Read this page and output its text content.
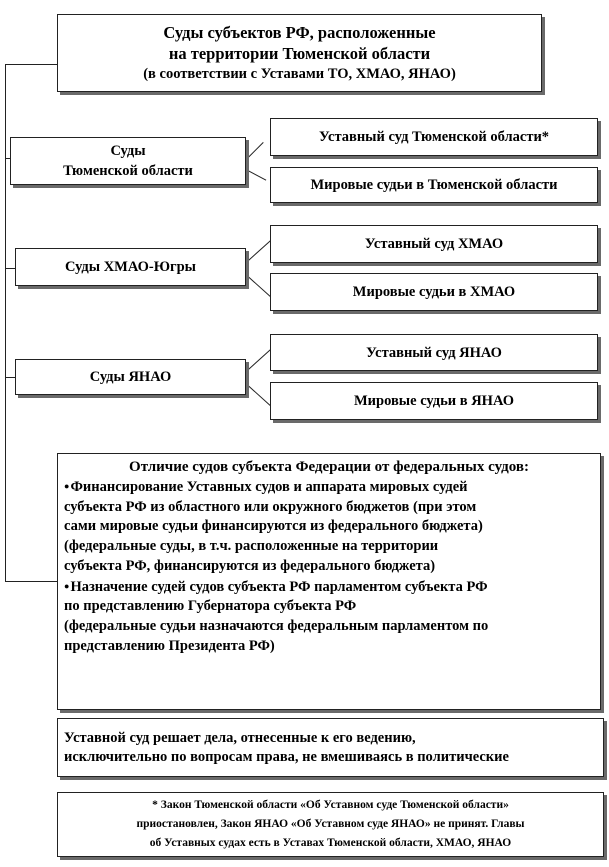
Суды субъектов РФ, расположенные
на территории Тюменской области
(в соответствии с Уставами ТО, ХМАО, ЯНАО)
Суды
Тюменской области
Уставный суд Тюменской области*
Мировые судьи в Тюменской области
Суды ХМАО-Югры
Уставный суд ХМАО
Мировые судьи в ХМАО
Суды ЯНАО
Уставный суд ЯНАО
Мировые судьи в ЯНАО
Отличие судов субъекта Федерации от федеральных судов:
●Финансирование Уставных судов и аппарата мировых судей
субъекта РФ из областного или окружного бюджетов (при этом
сами мировые судьи финансируются из федерального бюджета)
(федеральные суды, в т.ч. расположенные на территории
субъекта РФ, финансируются из федерального бюджета)
●Назначение судей судов субъекта РФ парламентом субъекта РФ
по представлению Губернатора субъекта РФ
(федеральные судьи назначаются федеральным парламентом по
представлению Президента РФ)
Уставной суд решает дела, отнесенные к его ведению,
исключительно по вопросам права, не вмешиваясь в политические
* Закон Тюменской области «Об Уставном суде Тюменской области»
приостановлен, Закон ЯНАО «Об Уставном суде ЯНАО» не принят. Главы
об Уставных судах есть в Уставах Тюменской области, ХМАО, ЯНАО
